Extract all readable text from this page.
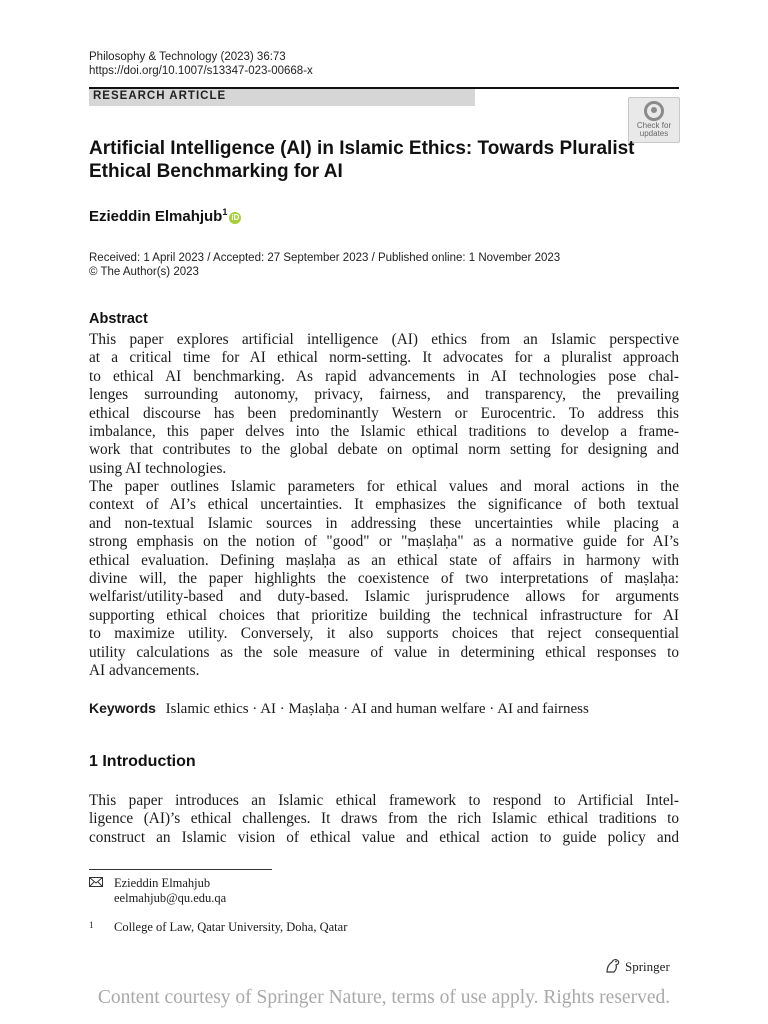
Philosophy & Technology (2023) 36:73
https://doi.org/10.1007/s13347-023-00668-x
RESEARCH ARTICLE
Check for
updates
Artificial Intelligence (AI) in Islamic Ethics: Towards Pluralist
Ethical Benchmarking for AI
Ezieddin Elmahjub$^1$iD
Received: 1 April 2023 / Accepted: 27 September 2023 / Published online: 1 November 2023
© The Author(s) 2023
Abstract
This paper explores artificial intelligence (AI) ethics from an Islamic perspective
at a critical time for AI ethical norm-setting. It advocates for a pluralist approach
to ethical AI benchmarking. As rapid advancements in AI technologies pose chal-
lenges surrounding autonomy, privacy, fairness, and transparency, the prevailing
ethical discourse has been predominantly Western or Eurocentric. To address this
imbalance, this paper delves into the Islamic ethical traditions to develop a frame-
work that contributes to the global debate on optimal norm setting for designing and
using AI technologies.
The paper outlines Islamic parameters for ethical values and moral actions in the
context of AI’s ethical uncertainties. It emphasizes the significance of both textual
and non-textual Islamic sources in addressing these uncertainties while placing a
strong emphasis on the notion of "good" or "maṣlaḥa" as a normative guide for AI’s
ethical evaluation. Defining maṣlaḥa as an ethical state of affairs in harmony with
divine will, the paper highlights the coexistence of two interpretations of maṣlaḥa:
welfarist/utility-based and duty-based. Islamic jurisprudence allows for arguments
supporting ethical choices that prioritize building the technical infrastructure for AI
to maximize utility. Conversely, it also supports choices that reject consequential
utility calculations as the sole measure of value in determining ethical responses to
AI advancements.
Keywords Islamic ethics · AI · Maṣlaḥa · AI and human welfare · AI and fairness
1 Introduction
This paper introduces an Islamic ethical framework to respond to Artificial Intel-
ligence (AI)’s ethical challenges. It draws from the rich Islamic ethical traditions to
construct an Islamic vision of ethical value and ethical action to guide policy and
Ezieddin Elmahjub
eelmahjub@qu.edu.qa
1 College of Law, Qatar University, Doha, Qatar
Springer
Content courtesy of Springer Nature, terms of use apply. Rights reserved.
